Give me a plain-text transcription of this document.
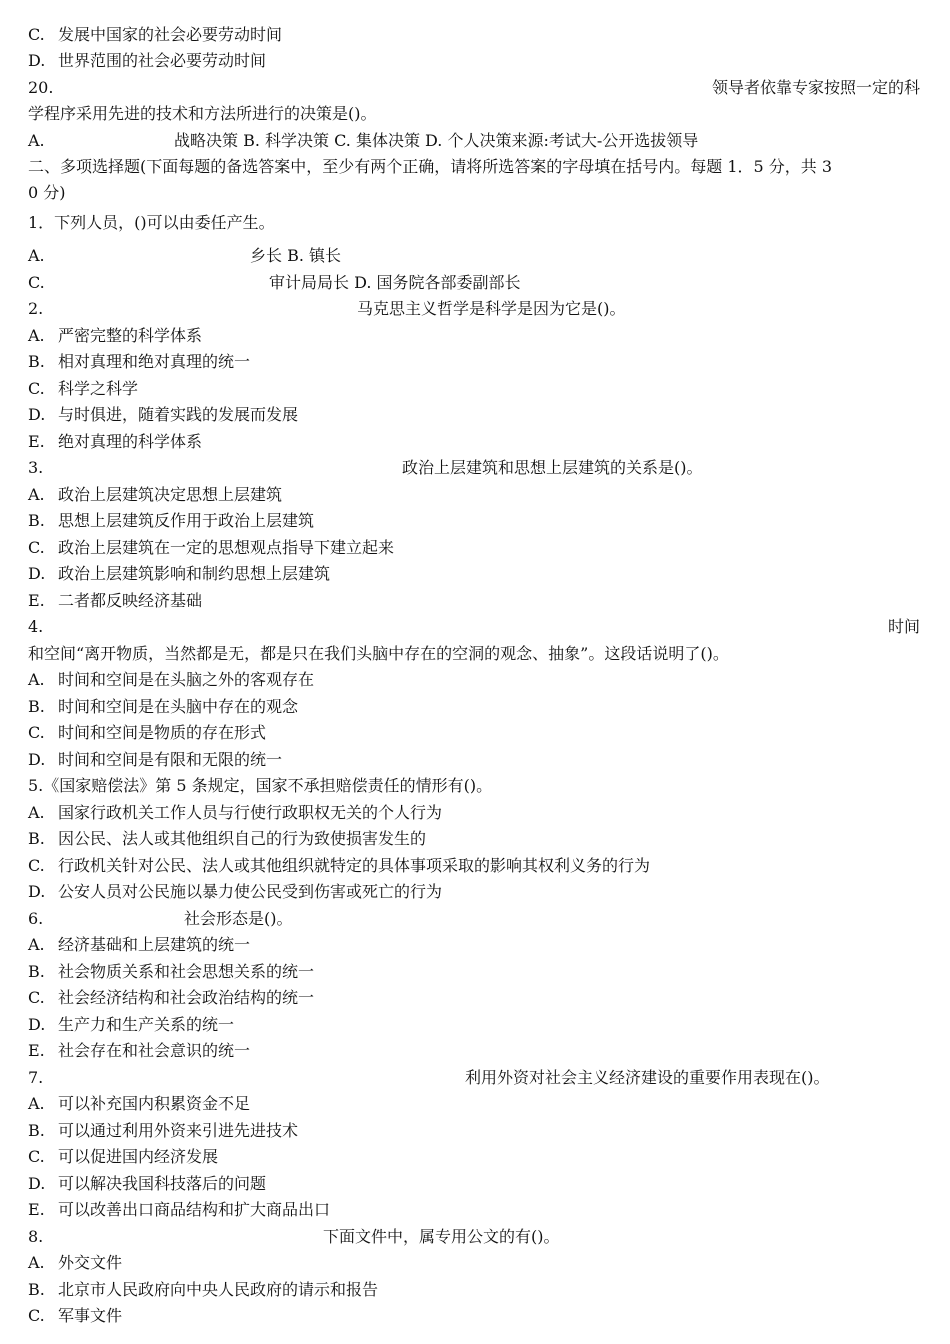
C. 发展中国家的社会必要劳动时间
D. 世界范围的社会必要劳动时间
20.	领导者依靠专家按照一定的科
学程序采用先进的技术和方法所进行的决策是()。
A.	战略决策 B. 科学决策 C. 集体决策 D. 个人决策来源:考试大-公开选拔领导
二、多项选择题(下面每题的备选答案中，至少有两个正确，请将所选答案的字母填在括号内。每题 1．5 分，共 3
0 分)
1．下列人员，()可以由委任产生。
A.	乡长 B. 镇长
C.	审计局局长 D. 国务院各部委副部长
2.	马克思主义哲学是科学是因为它是()。
A. 严密完整的科学体系
B. 相对真理和绝对真理的统一
C. 科学之科学
D. 与时俱进，随着实践的发展而发展
E. 绝对真理的科学体系
3.	政治上层建筑和思想上层建筑的关系是()。
A. 政治上层建筑决定思想上层建筑
B. 思想上层建筑反作用于政治上层建筑
C. 政治上层建筑在一定的思想观点指导下建立起来
D. 政治上层建筑影响和制约思想上层建筑
E. 二者都反映经济基础
4.	时间
和空间“离开物质，当然都是无，都是只在我们头脑中存在的空洞的观念、抽象”。这段话说明了()。
A. 时间和空间是在头脑之外的客观存在
B. 时间和空间是在头脑中存在的观念
C. 时间和空间是物质的存在形式
D. 时间和空间是有限和无限的统一
5.《国家赔偿法》第 5 条规定，国家不承担赔偿责任的情形有()。
A. 国家行政机关工作人员与行使行政职权无关的个人行为
B. 因公民、法人或其他组织自己的行为致使损害发生的
C. 行政机关针对公民、法人或其他组织就特定的具体事项采取的影响其权利义务的行为
D. 公安人员对公民施以暴力使公民受到伤害或死亡的行为
6.	社会形态是()。
A. 经济基础和上层建筑的统一
B. 社会物质关系和社会思想关系的统一
C. 社会经济结构和社会政治结构的统一
D. 生产力和生产关系的统一
E. 社会存在和社会意识的统一
7.	利用外资对社会主义经济建设的重要作用表现在()。
A. 可以补充国内积累资金不足
B. 可以通过利用外资来引进先进技术
C. 可以促进国内经济发展
D. 可以解决我国科技落后的问题
E. 可以改善出口商品结构和扩大商品出口
8.	下面文件中，属专用公文的有()。
A. 外交文件
B. 北京市人民政府向中央人民政府的请示和报告
C. 军事文件
